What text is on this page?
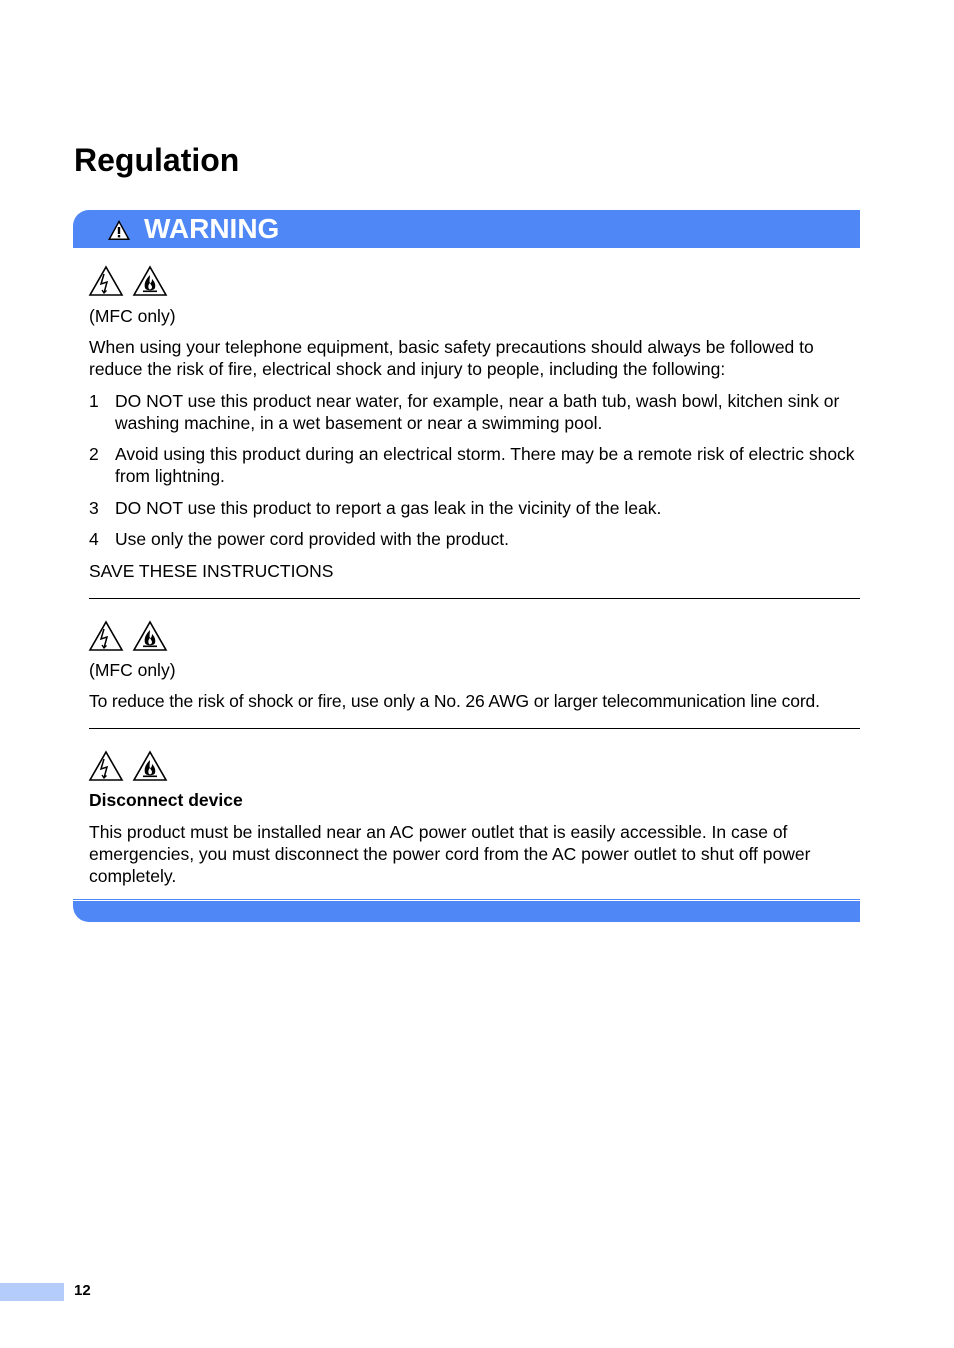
Regulation
WARNING

(MFC only)

When using your telephone equipment, basic safety precautions should always be followed to reduce the risk of fire, electrical shock and injury to people, including the following:

1 DO NOT use this product near water, for example, near a bath tub, wash bowl, kitchen sink or washing machine, in a wet basement or near a swimming pool.
2 Avoid using this product during an electrical storm. There may be a remote risk of electric shock from lightning.
3 DO NOT use this product to report a gas leak in the vicinity of the leak.
4 Use only the power cord provided with the product.

SAVE THESE INSTRUCTIONS

(MFC only)

To reduce the risk of shock or fire, use only a No. 26 AWG or larger telecommunication line cord.

Disconnect device

This product must be installed near an AC power outlet that is easily accessible. In case of emergencies, you must disconnect the power cord from the AC power outlet to shut off power completely.

12
